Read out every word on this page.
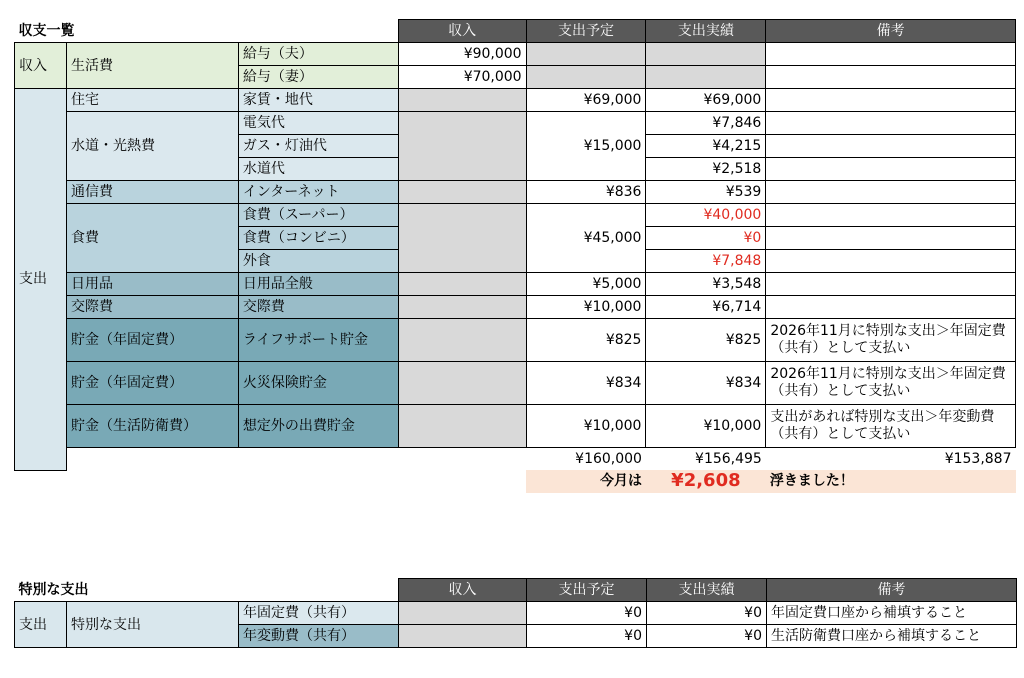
収支一覧			収入	支出予定	支出実績	備考	
収入	生活費	給与（夫）	¥90,000				
		給与（妻）	¥70,000				
支出	住宅	家賃・地代		¥69,000	¥69,000		
	水道・光熱費	電気代		¥15,000	¥7,846		
		ガス・灯油代			¥4,215		
		水道代			¥2,518		
	通信費	インターネット		¥836	¥539		
	食費	食費（スーパー）		¥45,000	¥40,000		
		食費（コンビニ）			¥0		
		外食			¥7,848		
	日用品	日用品全般		¥5,000	¥3,548		
	交際費	交際費		¥10,000	¥6,714		
	貯金（年固定費）	ライフサポート貯金		¥825	¥825	2026年11月に特別な支出＞年固定費（共有）として支払い	
	貯金（年固定費）	火災保険貯金		¥834	¥834	2026年11月に特別な支出＞年固定費（共有）として支払い	
	貯金（生活防衛費）	想定外の出費貯金		¥10,000	¥10,000	支出があれば特別な支出＞年変動費（共有）として支払い	
				¥160,000	¥156,495	¥153,887	
				今月は	¥2,608	浮きました！	
特別な支出			収入	支出予定	支出実績	備考
支出	特別な支出	年固定費（共有）		¥0	¥0	年固定費口座から補填すること
		年変動費（共有）		¥0	¥0	生活防衛費口座から補填すること
